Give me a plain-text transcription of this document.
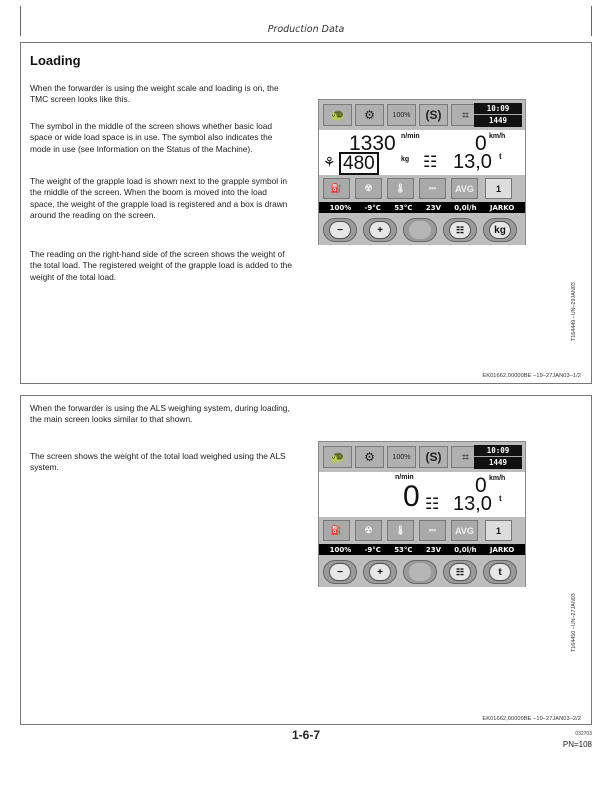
Production Data
Loading
When the forwarder is using the weight scale and loading is on, the TMC screen looks like this.
The symbol in the middle of the screen shows whether basic load space or wide load space is in use. The symbol also indicates the mode in use (see Information on the Status of the Machine).
The weight of the grapple load is shown next to the grapple symbol in the middle of the screen. When the boom is moved into the load space, the weight of the grapple load is registered and a box is drawn around the reading on the screen.
The reading on the right-hand side of the screen shows the weight of the total load. The registered weight of the grapple load is added to the weight of the total load.
🐢	⚙	100%	(S)	⌗	10:09
1449
1330 n/min	0 km/h
⚘ 480	kg ☷ 13,0 t
⛽	☢	🌡	⎓	AVG	1
100% -9°C 53°C 23V 0,0l/h JARKO
−	+	☷	kg
T164449 –UN–29JAN03
EK01662,00000BE –19–27JAN03–1/2
When the forwarder is using the ALS weighing system, during loading, the main screen looks similar to that shown.
The screen shows the weight of the total load weighed using the ALS system.
🐢	⚙	100%	(S)	⌗	10:09
1449
n/min
0	0 km/h
☷ 13,0 t
⛽	☢	🌡	⎓	AVG	1
100% -9°C 53°C 23V 0,0l/h JARKO
−	+	☷	t
T164450 –UN–27JAN03
EK01662,00000BE –19–27JAN03–2/2
1-6-7	032703
PN=108
